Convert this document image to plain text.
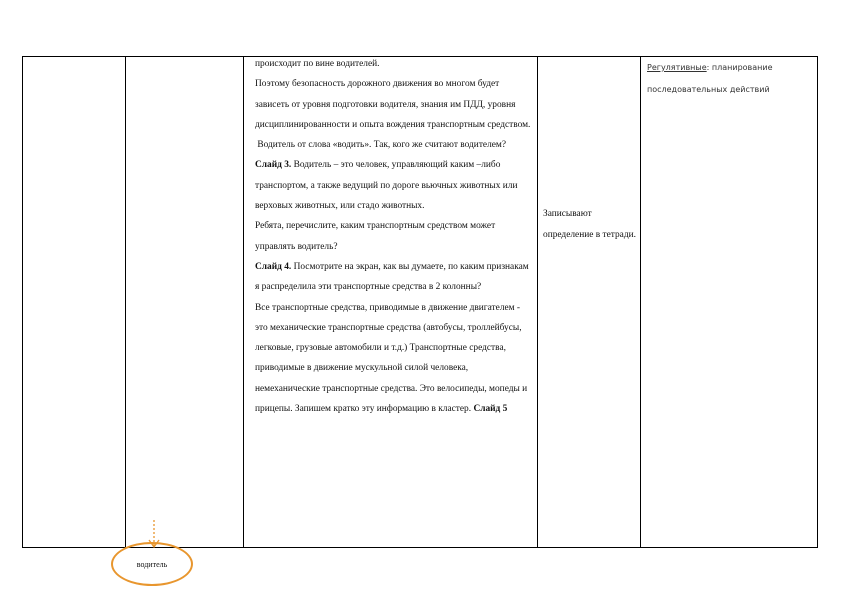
происходит по вине водителей.

Поэтому безопасность дорожного движения во многом будет зависеть от уровня подготовки водителя, знания им ПДД, уровня дисциплинированности и опыта вождения транспортным средством.

Водитель от слова «водить». Так, кого же считают водителем?

Слайд 3. Водитель – это человек, управляющий каким –либо транспортом, а также ведущий по дороге вьючных животных или верховых животных, или стадо животных.

Ребята, перечислите, каким транспортным средством может управлять водитель?

Слайд 4. Посмотрите на экран, как вы думаете, по каким признакам я распределила эти транспортные средства в 2 колонны?

Все транспортные средства, приводимые в движение двигателем - это механические транспортные средства (автобусы, троллейбусы, легковые, грузовые автомобили и т.д.) Транспортные средства, приводимые в движение мускульной силой человека, немеханические транспортные средства. Это велосипеды, мопеды и прицепы. Запишем кратко эту информацию в кластер. Слайд 5

Записывают определение в тетради.
Регулятивные: планирование последовательных действий
водитель
